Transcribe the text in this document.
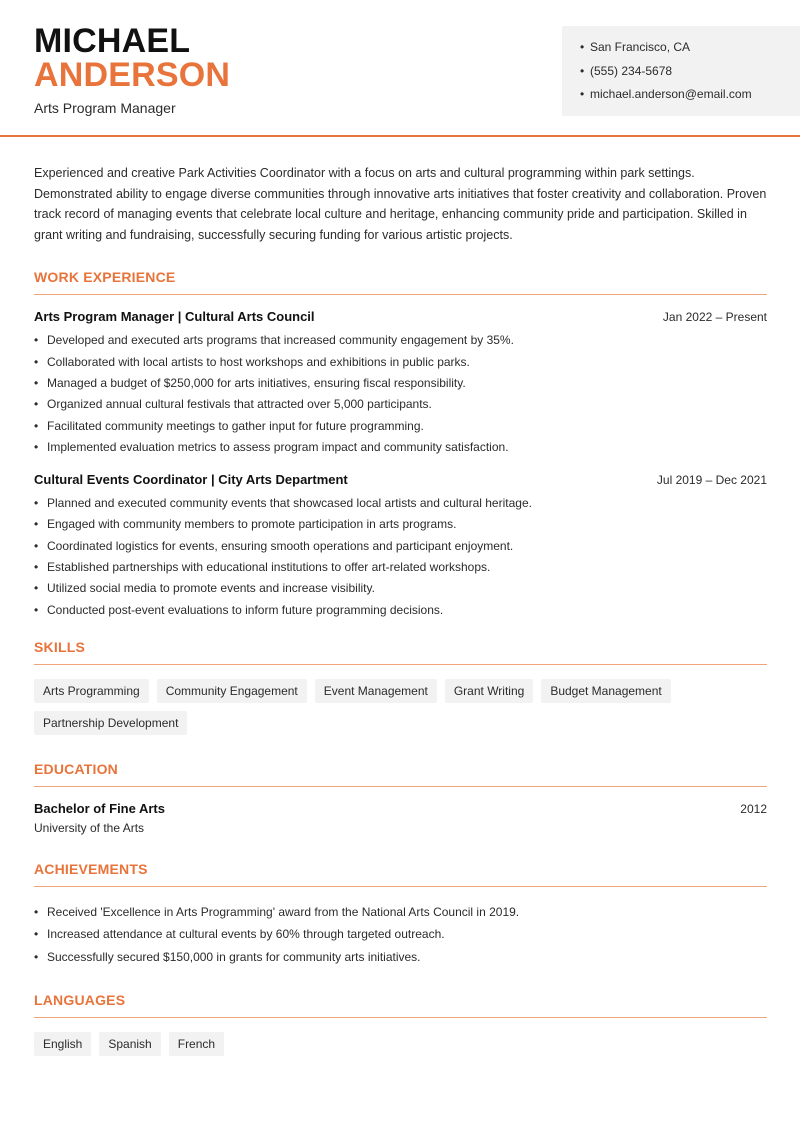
MICHAEL
ANDERSON
Arts Program Manager
• San Francisco, CA
• (555) 234-5678
• michael.anderson@email.com

Experienced and creative Park Activities Coordinator with a focus on arts and cultural programming within park settings. Demonstrated ability to engage diverse communities through innovative arts initiatives that foster creativity and collaboration. Proven track record of managing events that celebrate local culture and heritage, enhancing community pride and participation. Skilled in grant writing and fundraising, successfully securing funding for various artistic projects.

WORK EXPERIENCE
Arts Program Manager | Cultural Arts Council	Jan 2022 – Present
• Developed and executed arts programs that increased community engagement by 35%.
• Collaborated with local artists to host workshops and exhibitions in public parks.
• Managed a budget of $250,000 for arts initiatives, ensuring fiscal responsibility.
• Organized annual cultural festivals that attracted over 5,000 participants.
• Facilitated community meetings to gather input for future programming.
• Implemented evaluation metrics to assess program impact and community satisfaction.
Cultural Events Coordinator | City Arts Department	Jul 2019 – Dec 2021
• Planned and executed community events that showcased local artists and cultural heritage.
• Engaged with community members to promote participation in arts programs.
• Coordinated logistics for events, ensuring smooth operations and participant enjoyment.
• Established partnerships with educational institutions to offer art-related workshops.
• Utilized social media to promote events and increase visibility.
• Conducted post-event evaluations to inform future programming decisions.
SKILLS
Arts Programming	Community Engagement	Event Management	Grant Writing	Budget Management
Partnership Development
EDUCATION
Bachelor of Fine Arts	2012
University of the Arts
ACHIEVEMENTS
• Received 'Excellence in Arts Programming' award from the National Arts Council in 2019.
• Increased attendance at cultural events by 60% through targeted outreach.
• Successfully secured $150,000 in grants for community arts initiatives.
LANGUAGES
English	Spanish	French
